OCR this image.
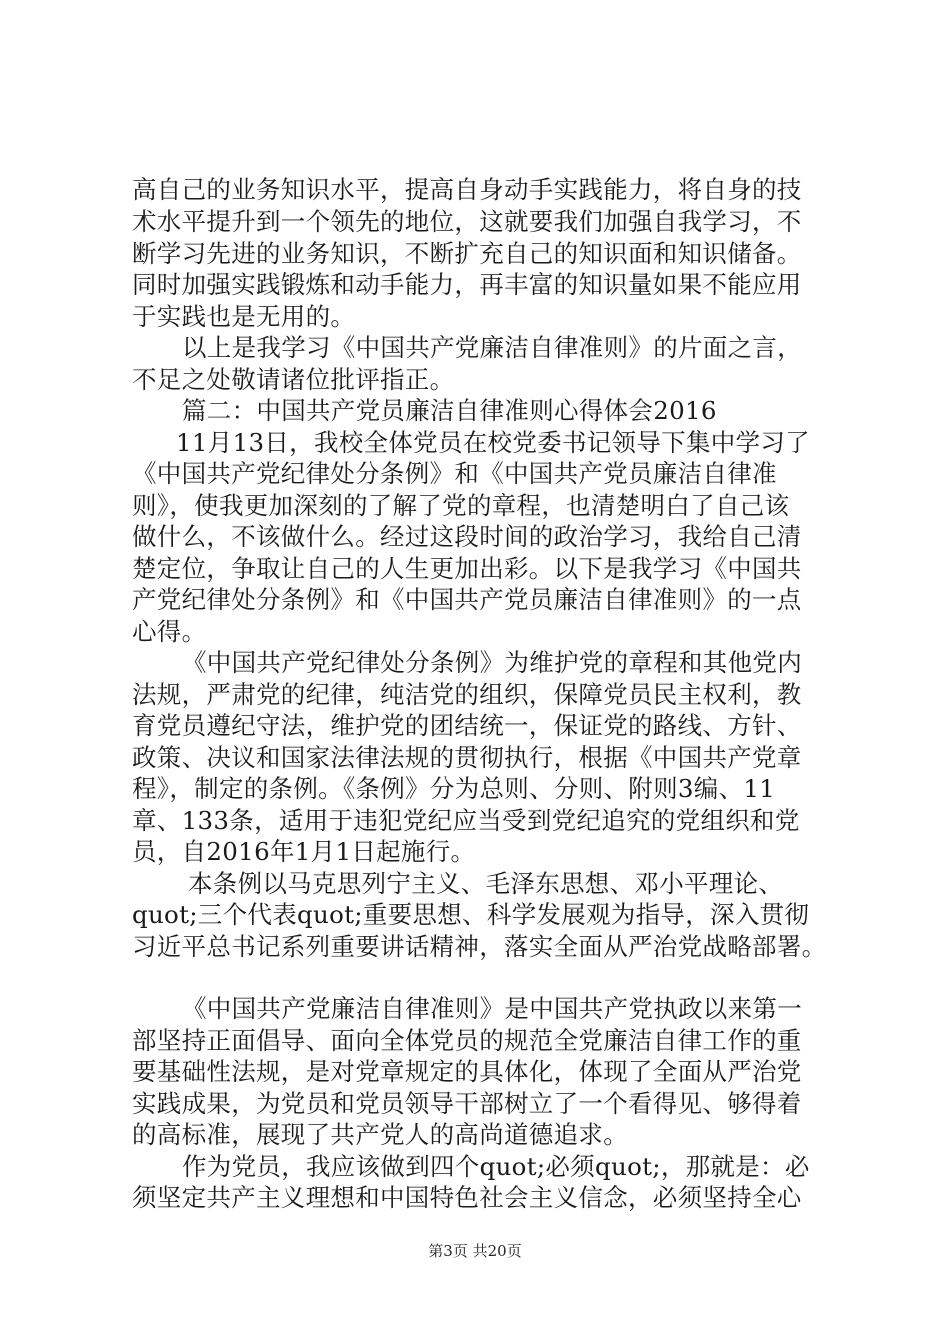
高自己的业务知识水平，提高自身动手实践能力，将自身的技
术水平提升到一个领先的地位，这就要我们加强自我学习，不
断学习先进的业务知识，不断扩充自己的知识面和知识储备。
同时加强实践锻炼和动手能力，再丰富的知识量如果不能应用
于实践也是无用的。
以上是我学习《中国共产党廉洁自律准则》的片面之言，
不足之处敬请诸位批评指正。
篇二：中国共产党员廉洁自律准则心得体会2016
11月13日，我校全体党员在校党委书记领导下集中学习了
《中国共产党纪律处分条例》和《中国共产党员廉洁自律准
则》，使我更加深刻的了解了党的章程，也清楚明白了自己该
做什么，不该做什么。经过这段时间的政治学习，我给自己清
楚定位，争取让自己的人生更加出彩。以下是我学习《中国共
产党纪律处分条例》和《中国共产党员廉洁自律准则》的一点
心得。
《中国共产党纪律处分条例》为维护党的章程和其他党内
法规，严肃党的纪律，纯洁党的组织，保障党员民主权利，教
育党员遵纪守法，维护党的团结统一，保证党的路线、方针、
政策、决议和国家法律法规的贯彻执行，根据《中国共产党章
程》，制定的条例。《条例》分为总则、分则、附则3编、11
章、133条，适用于违犯党纪应当受到党纪追究的党组织和党
员，自2016年1月1日起施行。
本条例以马克思列宁主义、毛泽东思想、邓小平理论、
quot;三个代表quot;重要思想、科学发展观为指导，深入贯彻
习近平总书记系列重要讲话精神，落实全面从严治党战略部署。
《中国共产党廉洁自律准则》是中国共产党执政以来第一
部坚持正面倡导、面向全体党员的规范全党廉洁自律工作的重
要基础性法规，是对党章规定的具体化，体现了全面从严治党
实践成果，为党员和党员领导干部树立了一个看得见、够得着
的高标准，展现了共产党人的高尚道德追求。
作为党员，我应该做到四个quot;必须quot;，那就是：必
须坚定共产主义理想和中国特色社会主义信念，必须坚持全心
第3页 共20页
